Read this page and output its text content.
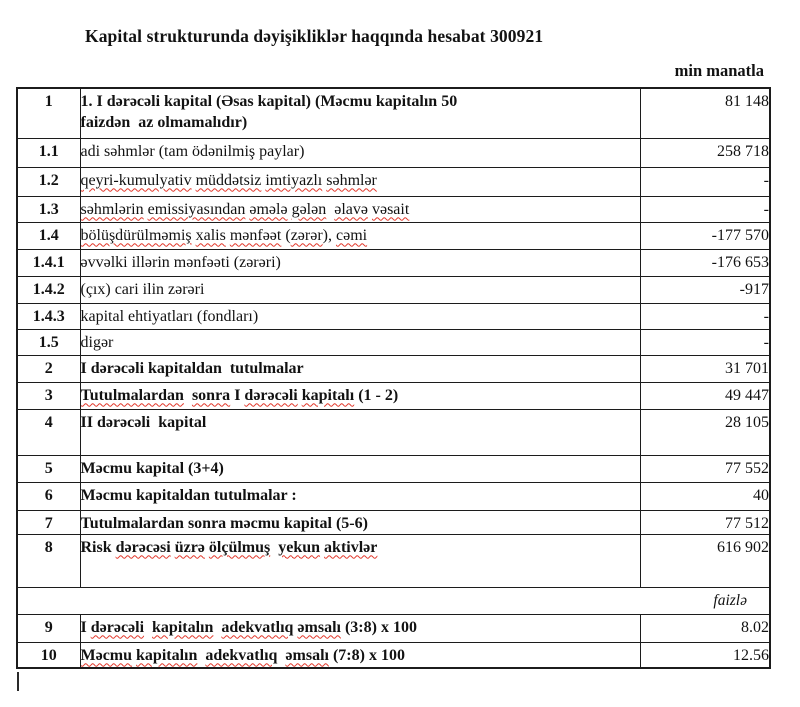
Kapital strukturunda dəyişikliklər haqqında hesabat 300921
min manatla
1	1. I dərəcəli kapital (Əsas kapital) (Məcmu kapitalın 50
faizdən  az olmamalıdır)	81 148
1.1	adi səhmlər (tam ödənilmiş paylar)	258 718
1.2	qeyri-kumulyativ müddətsiz imtiyazlı səhmlər	-
1.3	səhmlərin emissiyasından əmələ gələn əlavə vəsait	-
1.4	bölüşdürülməmiş xalis mənfəət (zərər), cəmi	-177 570
1.4.1	əvvəlki illərin mənfəəti (zərəri)	-176 653
1.4.2	(çıx) cari ilin zərəri	-917
1.4.3	kapital ehtiyatları (fondları)	-
1.5	digər	-
2	I dərəcəli kapitaldan  tutulmalar	31 701
3	Tutulmalardan sonra I dərəcəli kapitalı (1 - 2)	49 447
4	II dərəcəli  kapital	28 105
5	Məcmu kapital (3+4)	77 552
6	Məcmu kapitaldan tutulmalar :	40
7	Tutulmalardan sonra məcmu kapital (5-6)	77 512
8	Risk dərəcəsi üzrə ölçülmuş yekun aktivlər	616 902
faizlə		
9	I dərəcəli kapitalın adekvatlıq əmsalı (3:8) x 100	8.02
10	Məcmu kapitalın adekvatlıq əmsalı (7:8) x 100	12.56
